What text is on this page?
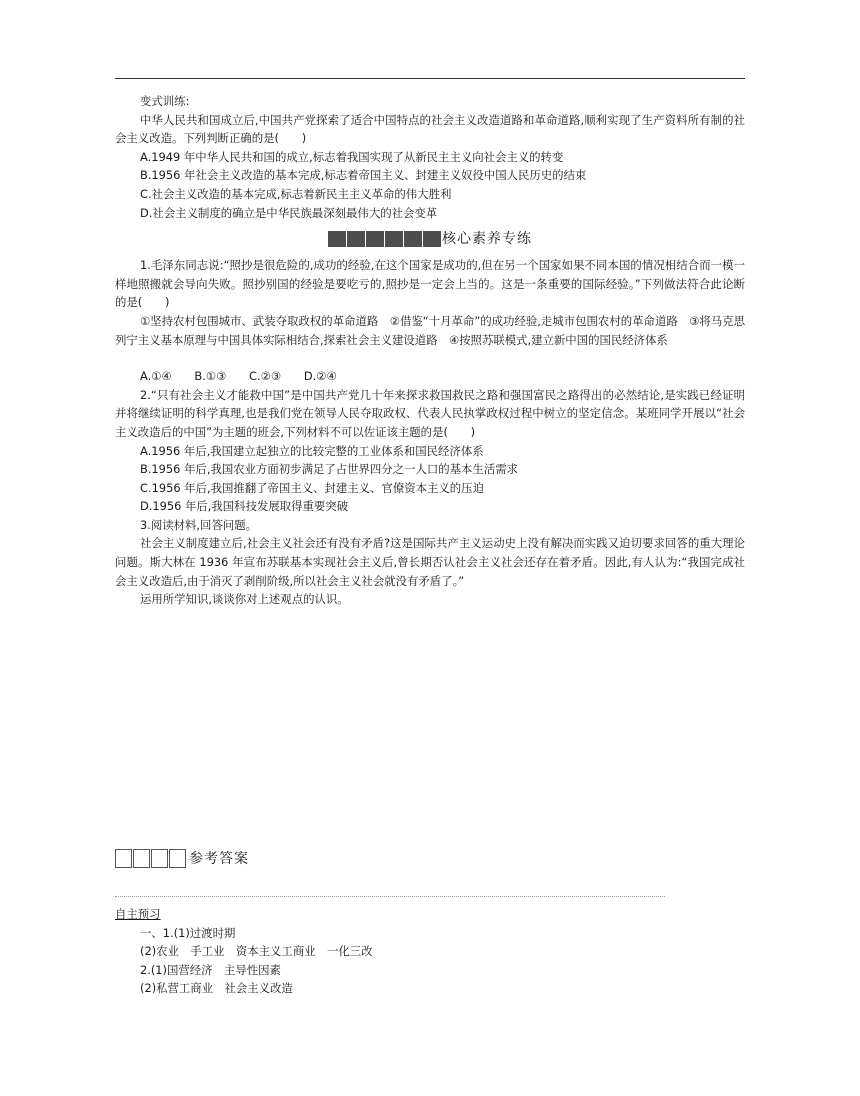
变式训练:

中华人民共和国成立后,中国共产党探索了适合中国特点的社会主义改造道路和革命道路,顺利实现了生产资料所有制的社会主义改造。下列判断正确的是(　　)

A.1949 年中华人民共和国的成立,标志着我国实现了从新民主主义向社会主义的转变

B.1956 年社会主义改造的基本完成,标志着帝国主义、封建主义奴役中国人民历史的结束

C.社会主义改造的基本完成,标志着新民主主义革命的伟大胜利

D.社会主义制度的确立是中华民族最深刻最伟大的社会变革

核心素养专练

1.毛泽东同志说:“照抄是很危险的,成功的经验,在这个国家是成功的,但在另一个国家如果不同本国的情况相结合而一模一样地照搬就会导向失败。照抄别国的经验是要吃亏的,照抄是一定会上当的。这是一条重要的国际经验。”下列做法符合此论断的是(　　)

①坚持农村包围城市、武装夺取政权的革命道路　②借鉴“十月革命”的成功经验,走城市包围农村的革命道路　③将马克思列宁主义基本原理与中国具体实际相结合,探索社会主义建设道路　④按照苏联模式,建立新中国的国民经济体系

A.①④　　B.①③　　C.②③　　D.②④

2.“只有社会主义才能救中国”是中国共产党几十年来探求救国救民之路和强国富民之路得出的必然结论,是实践已经证明并将继续证明的科学真理,也是我们党在领导人民夺取政权、代表人民执掌政权过程中树立的坚定信念。某班同学开展以“社会主义改造后的中国”为主题的班会,下列材料不可以佐证该主题的是(　　)

A.1956 年后,我国建立起独立的比较完整的工业体系和国民经济体系

B.1956 年后,我国农业方面初步满足了占世界四分之一人口的基本生活需求

C.1956 年后,我国推翻了帝国主义、封建主义、官僚资本主义的压迫

D.1956 年后,我国科技发展取得重要突破

3.阅读材料,回答问题。

社会主义制度建立后,社会主义社会还有没有矛盾?这是国际共产主义运动史上没有解决而实践又迫切要求回答的重大理论问题。斯大林在 1936 年宣布苏联基本实现社会主义后,曾长期否认社会主义社会还存在着矛盾。因此,有人认为:“我国完成社会主义改造后,由于消灭了剥削阶级,所以社会主义社会就没有矛盾了。”

运用所学知识,谈谈你对上述观点的认识。

参考答案

自主预习

一、1.(1)过渡时期

(2)农业　手工业　资本主义工商业　一化三改

2.(1)国营经济　主导性因素

(2)私营工商业　社会主义改造
